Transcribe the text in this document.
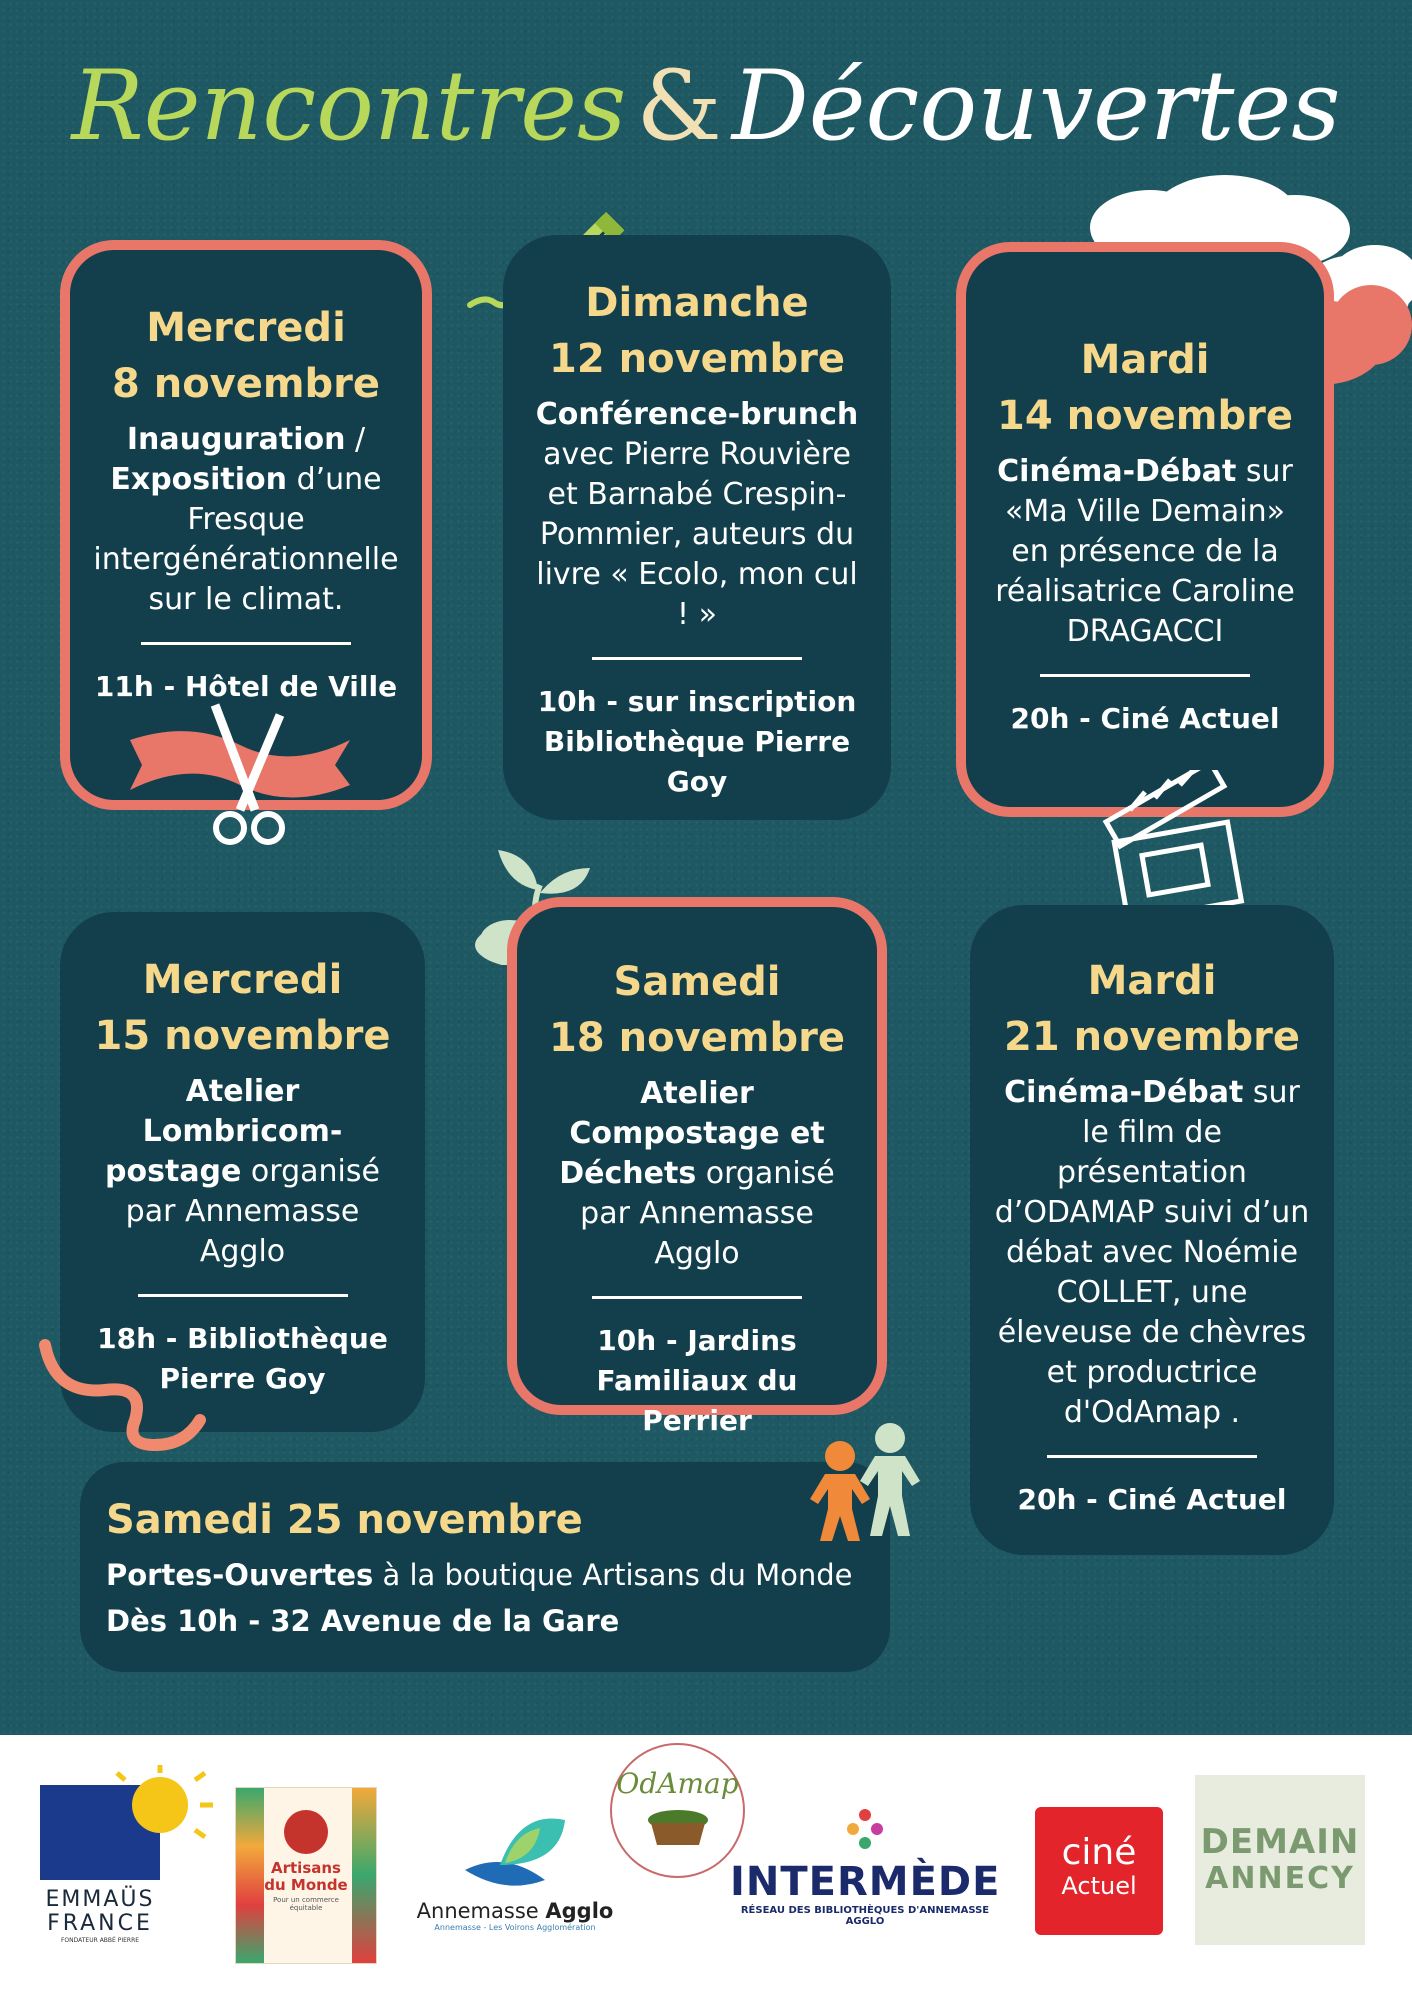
Rencontres & Découvertes
Mercredi
8 novembre
Inauguration / Exposition d’une Fresque intergénérationnelle sur le climat.
11h - Hôtel de Ville
Dimanche
12 novembre
Conférence-brunch avec Pierre Rouvière et Barnabé Crespin-Pommier, auteurs du livre « Ecolo, mon cul ! »
10h - sur inscription Bibliothèque Pierre Goy
Mardi
14 novembre
Cinéma-Débat sur «Ma Ville Demain» en présence de la réalisatrice Caroline DRAGACCI
20h - Ciné Actuel
Mercredi
15 novembre
Atelier Lombricom-postage organisé par Annemasse Agglo
18h - Bibliothèque Pierre Goy
Samedi
18 novembre
Atelier Compostage et Déchets organisé par Annemasse Agglo
10h - Jardins Familiaux du Perrier
Mardi
21 novembre
Cinéma-Débat sur le film de présentation d’ODAMAP suivi d’un débat avec Noémie COLLET, une éleveuse de chèvres et productrice d'OdAmap .
20h - Ciné Actuel
Samedi 25 novembre
Portes-Ouvertes à la boutique Artisans du Monde
Dès 10h - 32 Avenue de la Gare
EMMAÜS
FRANCE
FONDATEUR ABBÉ PIERRE
Artisans du Monde
Pour un commerce équitable	Annemasse Agglo
Annemasse - Les Voirons Agglomération
OdAmap
INTERMÈDE
RÉSEAU DES BIBLIOTHÈQUES D'ANNEMASSE AGGLO
ciné
Actuel
DEMAIN
ANNECY
